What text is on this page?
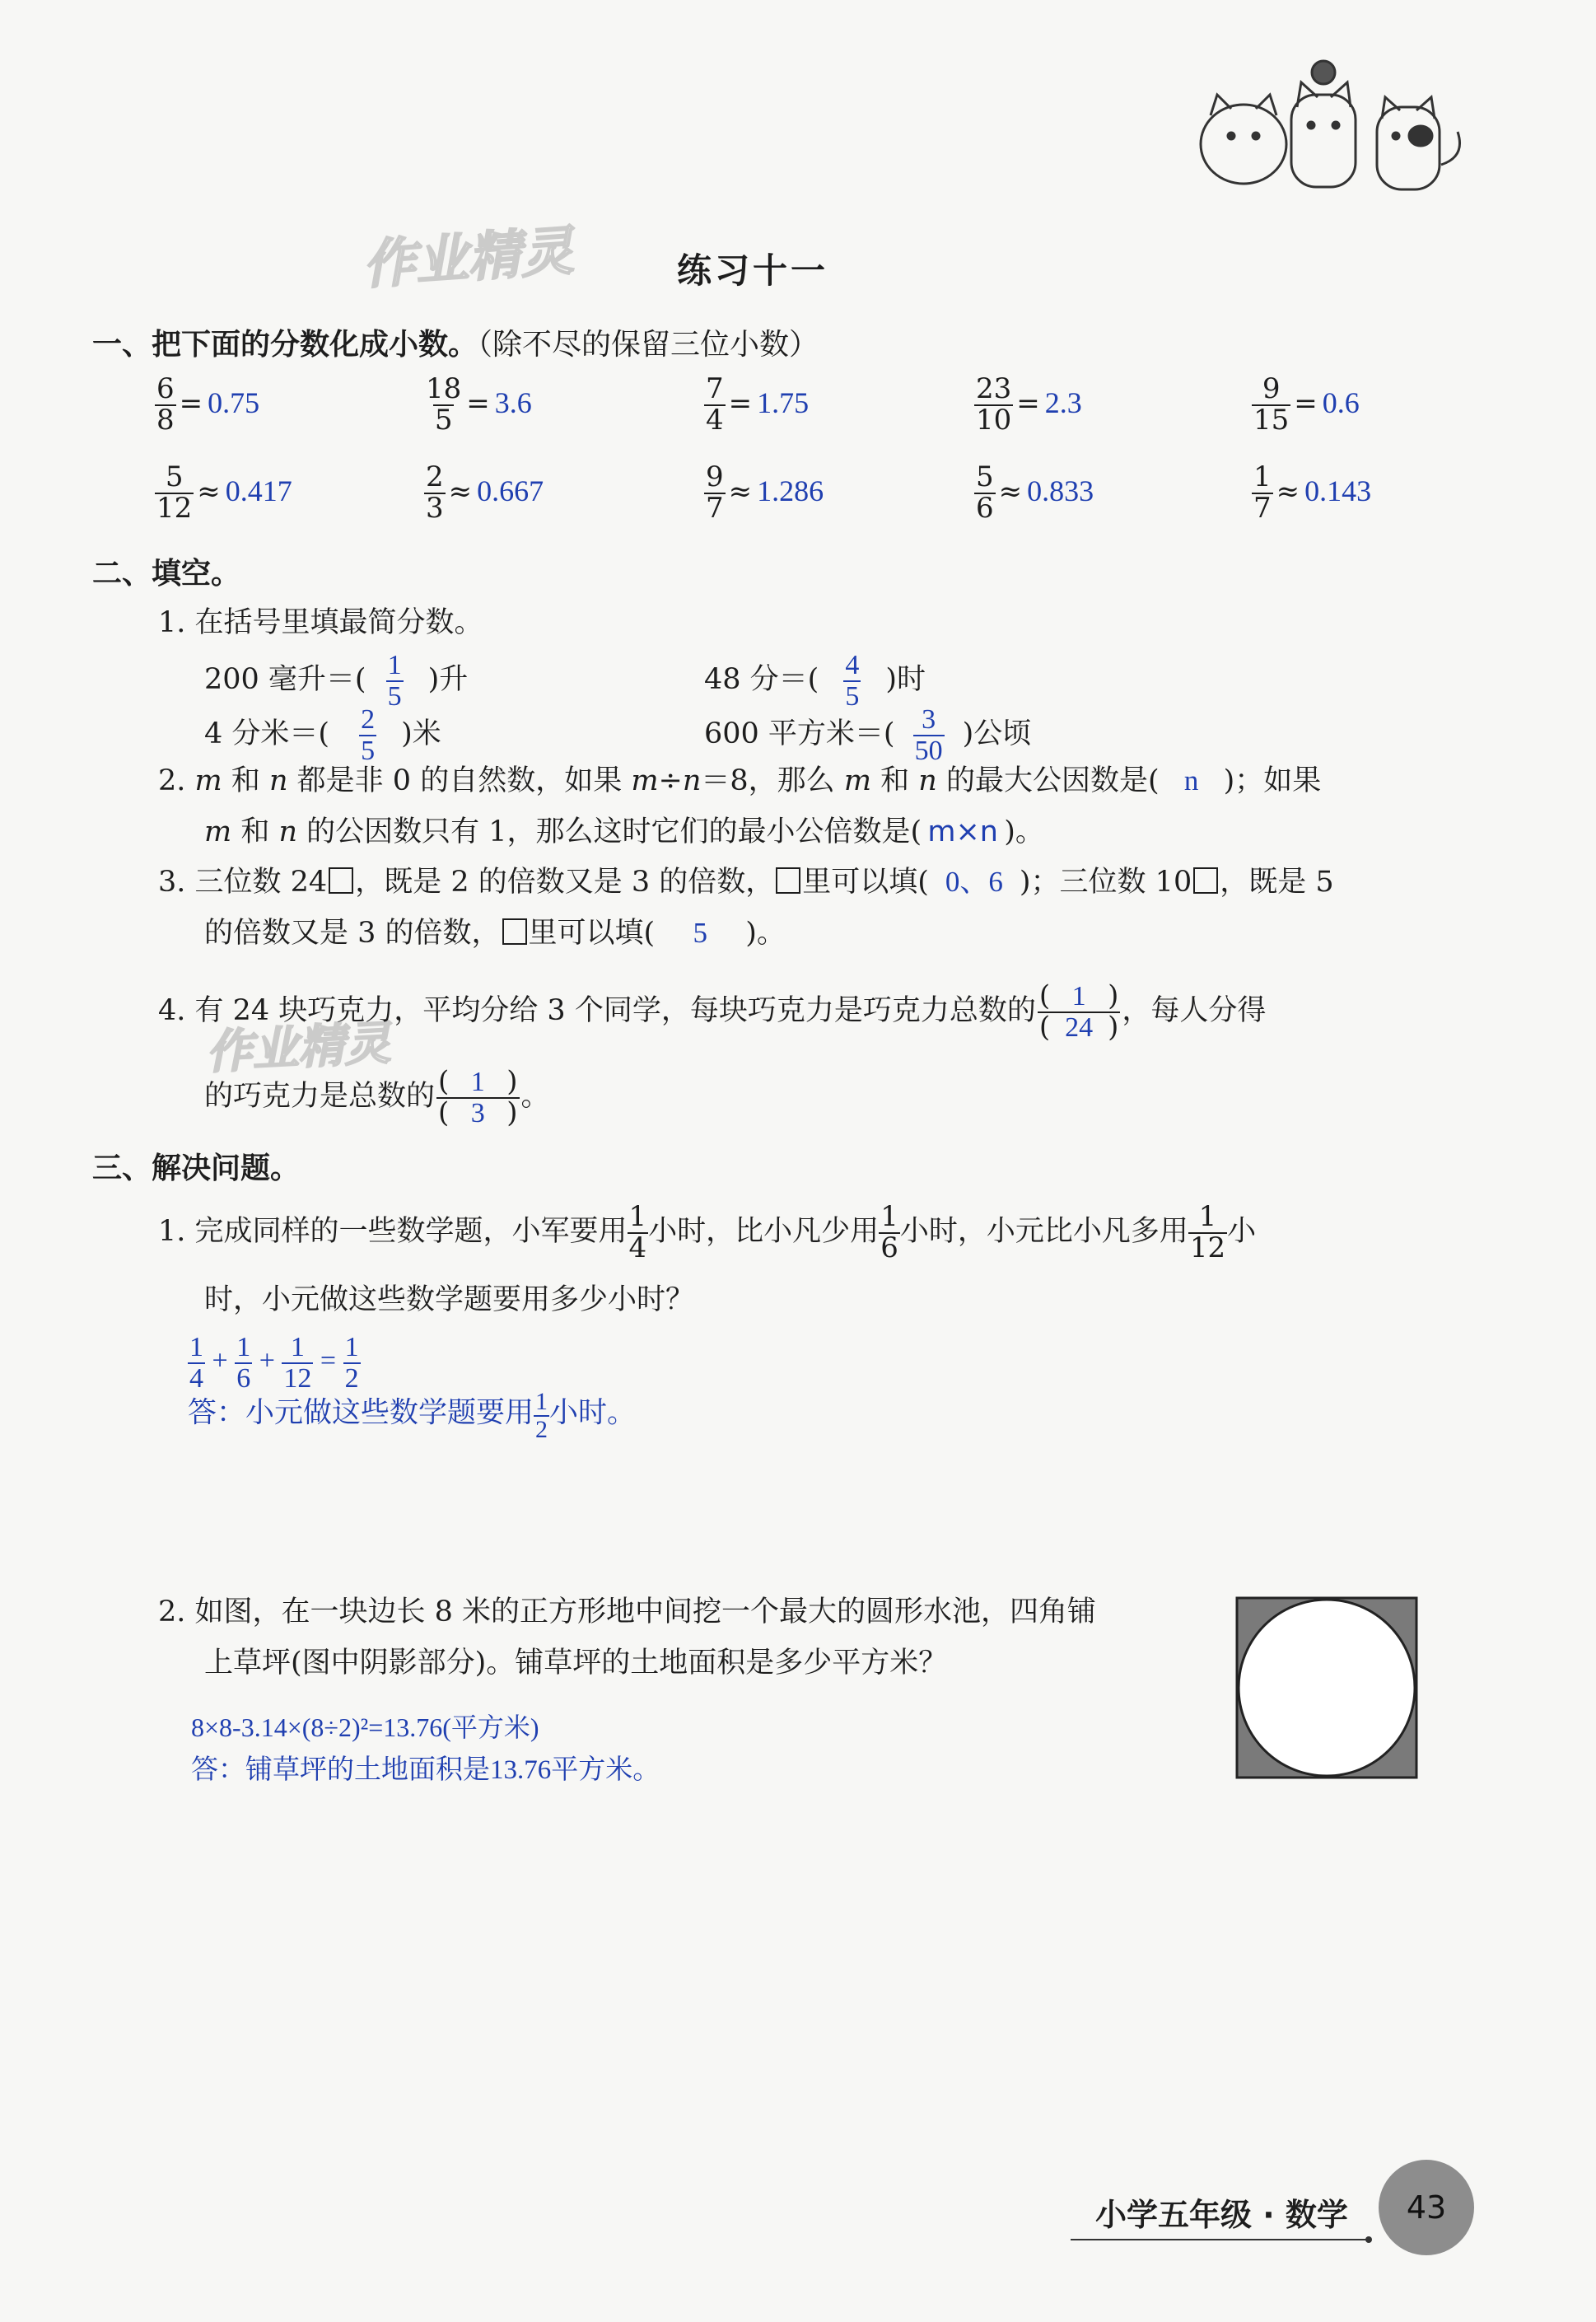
作业精灵
作业精灵
练习十一
一、把下面的分数化成小数。（除不尽的保留三位小数）
$\frac{6}{8} = 0.75$	$\frac{18}{5} = 3.6$	$\frac{7}{4} = 1.75$	$\frac{23}{10} = 2.3$	$\frac{9}{15} = 0.6$
$\frac{5}{12} \approx 0.417$	$\frac{2}{3} \approx 0.667$	$\frac{9}{7} \approx 1.286$	$\frac{5}{6} \approx 0.833$	$\frac{1}{7} \approx 0.143$
二、填空。
1. 在括号里填最简分数。
200 毫升＝( $\frac{1}{5}$ )升	48 分＝( $\frac{4}{5}$ )时
4 分米＝( $\frac{2}{5}$ )米	600 平方米＝( $\frac{3}{50}$ )公顷
2. m 和 n 都是非 0 的自然数，如果 m÷n＝8，那么 m 和 n 的最大公因数是( n )；如果
m 和 n 的公因数只有 1，那么这时它们的最小公倍数是( m×n )。
3. 三位数 24 ，既是 2 的倍数又是 3 的倍数， 里可以填( 0、6 )；三位数 10 ，既是 5
的倍数又是 3 的倍数， 里可以填( 5 )。
4. 有 24 块巧克力，平均分给 3 个同学，每块巧克力是巧克力总数的 $\frac{( 1 )}{( 24 )}$ ，每人分得
的巧克力是总数的 $\frac{( 1 )}{( 3 )}$ 。
三、解决问题。
1. 完成同样的一些数学题，小军要用 $\frac{1}{4}$ 小时，比小凡少用 $\frac{1}{6}$ 小时，小元比小凡多用 $\frac{1}{12}$ 小
时，小元做这些数学题要用多少小时？
$\frac{1}{4} + \frac{1}{6} + \frac{1}{12} = \frac{1}{2}$
答：小元做这些数学题要用 $\frac{1}{2}$ 小时。
2. 如图，在一块边长 8 米的正方形地中间挖一个最大的圆形水池，四角铺
上草坪(图中阴影部分)。铺草坪的土地面积是多少平方米？
8×8-3.14×(8÷2)²=13.76(平方米)
答：铺草坪的土地面积是13.76平方米。
小学五年级 · 数学	43
